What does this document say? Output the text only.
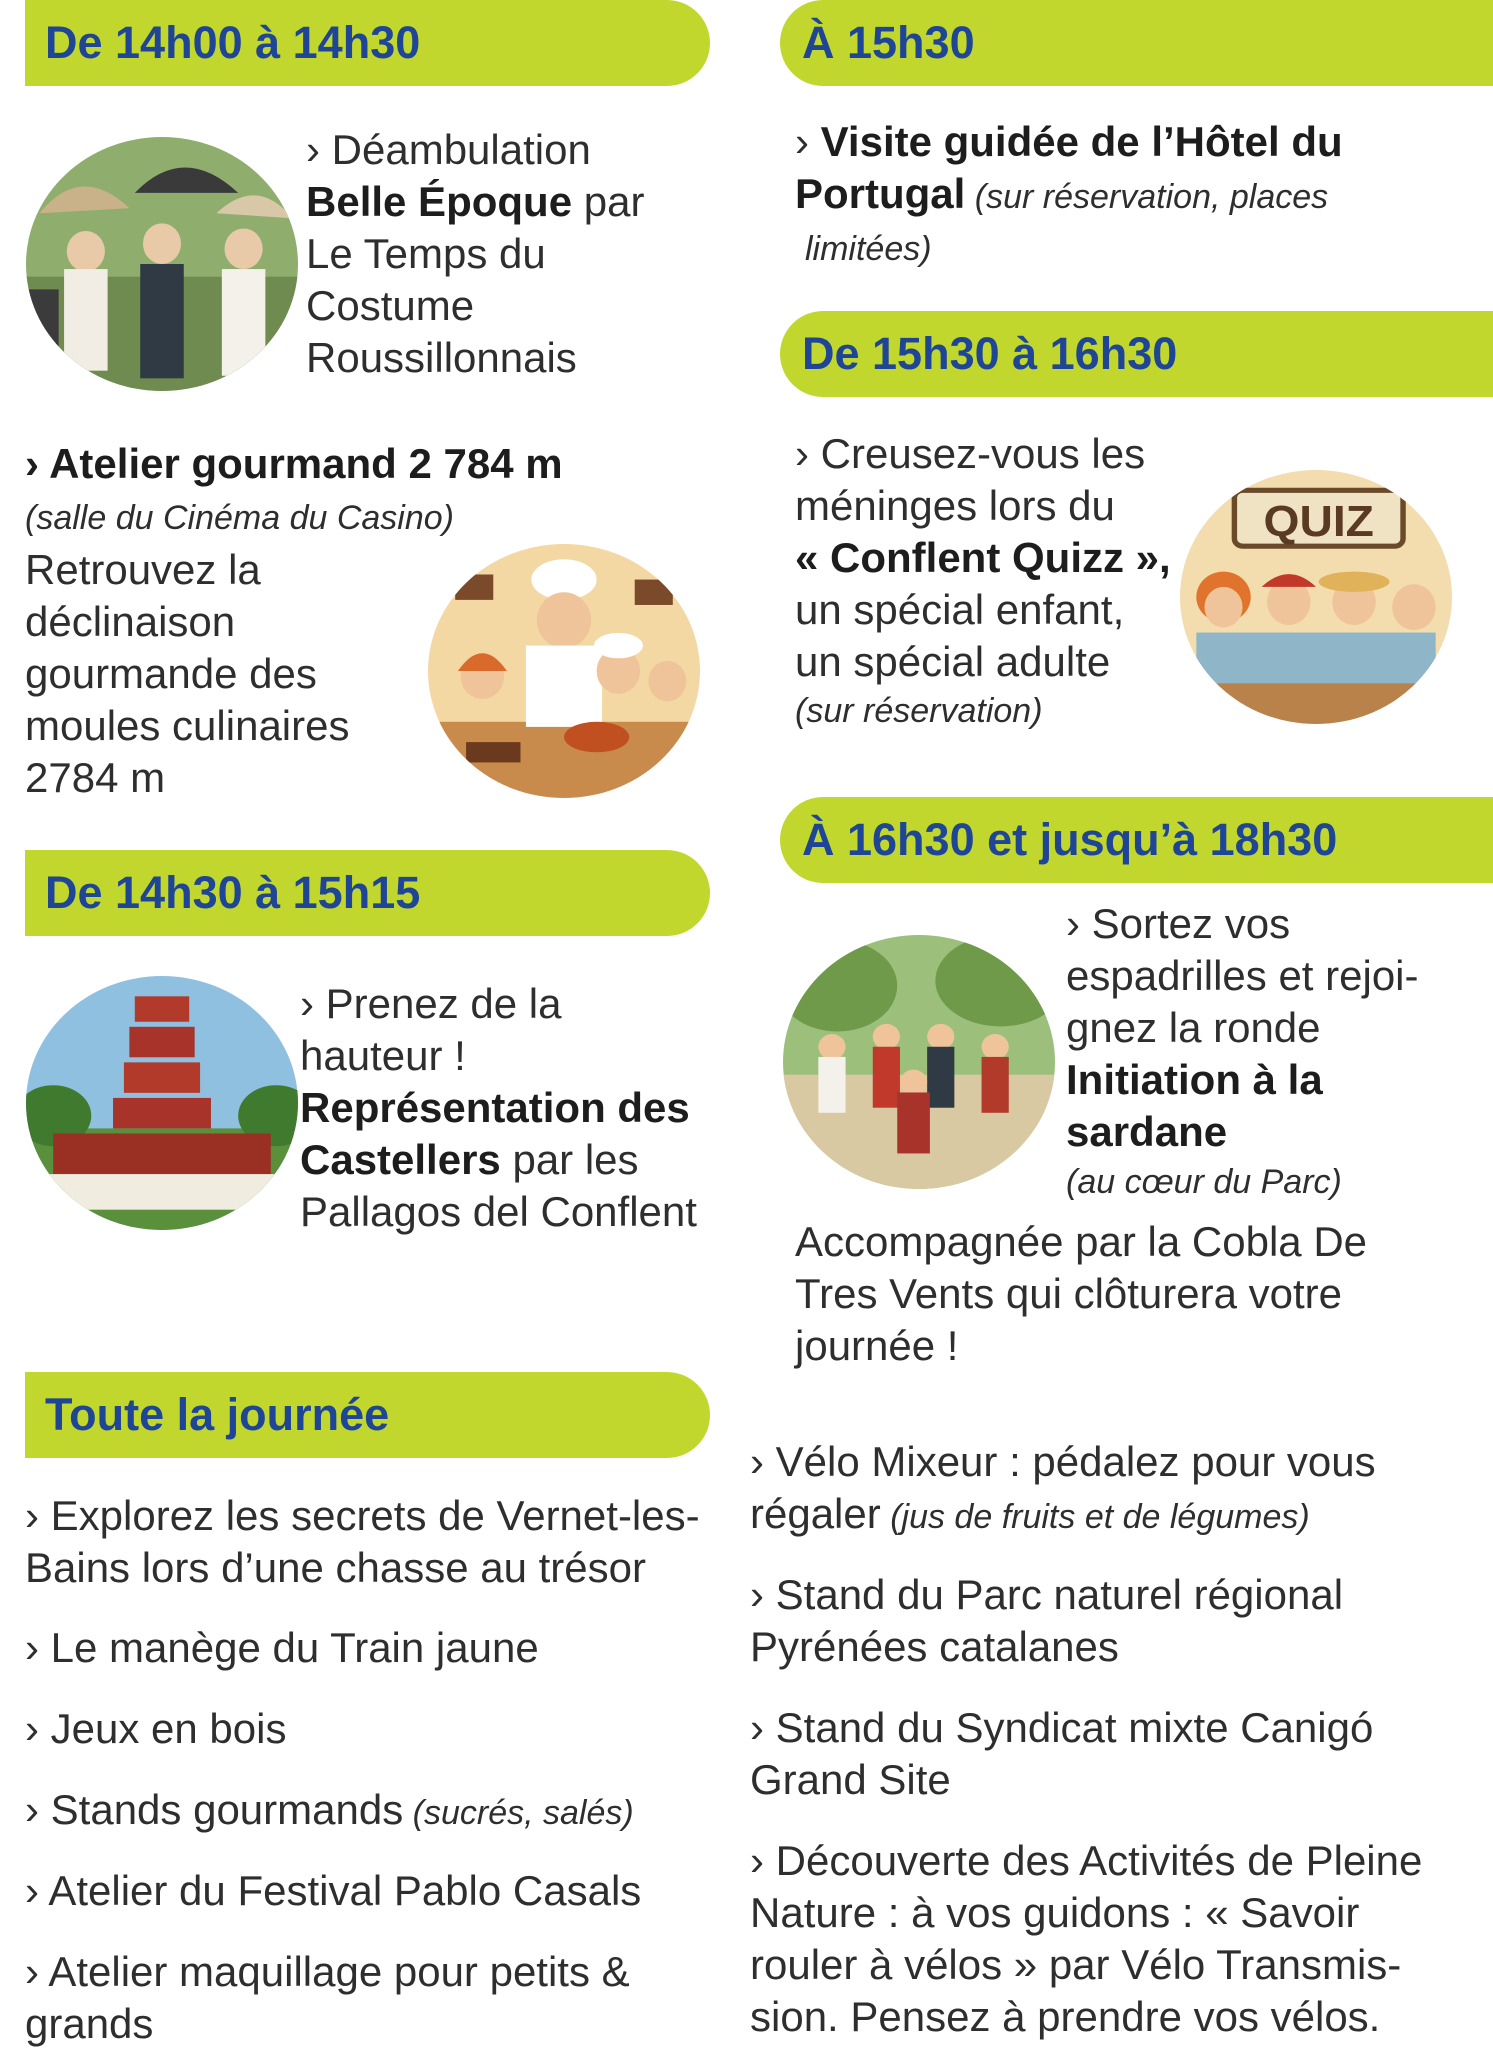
De 14h00 à 14h30
› Déambulation
Belle Époque par
Le Temps du
Costume
Roussillonnais
› Atelier gourmand 2 784 m
(salle du Cinéma du Casino)
Retrouvez la
déclinaison
gourmande des
moules culinaires
2784 m
De 14h30 à 15h15
› Prenez de la
hauteur !
Représentation des
Castellers par les
Pallagos del Conflent
Toute la journée
› Explorez les secrets de Vernet-les-
Bains lors d’une chasse au trésor
› Le manège du Train jaune
› Jeux en bois
› Stands gourmands (sucrés, salés)
› Atelier du Festival Pablo Casals
› Atelier maquillage pour petits &
grands
À 15h30
› Visite guidée de l’Hôtel du
Portugal (sur réservation, places
limitées)
De 15h30 à 16h30
› Creusez-vous les
méninges lors du
« Conflent Quizz »,
un spécial enfant,
un spécial adulte
(sur réservation)
QUIZ
À 16h30 et jusqu’à 18h30
› Sortez vos
espadrilles et rejoi-
gnez la ronde
Initiation à la
sardane
(au cœur du Parc)
Accompagnée par la Cobla De
Tres Vents qui clôturera votre
journée !
› Vélo Mixeur : pédalez pour vous
régaler (jus de fruits et de légumes)
› Stand du Parc naturel régional
Pyrénées catalanes
› Stand du Syndicat mixte Canigó
Grand Site
› Découverte des Activités de Pleine
Nature : à vos guidons : « Savoir
rouler à vélos » par Vélo Transmis-
sion. Pensez à prendre vos vélos.
